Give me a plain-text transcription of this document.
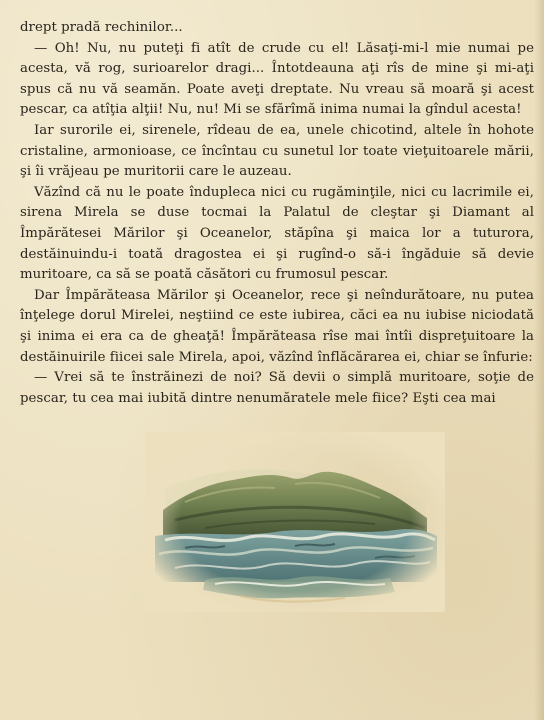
drept pradă rechinilor...

— Oh! Nu, nu puteţi fi atît de crude cu el! Lăsaţi-mi-l mie numai pe acesta, vă rog, surioarelor dragi... Întotdeauna aţi rîs de mine şi mi-aţi spus că nu vă seamăn. Poate aveţi dreptate. Nu vreau să moară şi acest pescar, ca atîţia alţii! Nu, nu! Mi se sfărîmă inima numai la gîndul acesta!

Iar surorile ei, sirenele, rîdeau de ea, unele chicotind, altele în hohote cristaline, armonioase, ce încîntau cu sunetul lor toate vieţuitoarele mării, şi îi vrăjeau pe muritorii care le auzeau.

Văzînd că nu le poate îndupleca nici cu rugăminţile, nici cu lacrimile ei, sirena Mirela se duse tocmai la Palatul de cleştar şi Diamant al Împărătesei Mărilor şi Oceanelor, stăpîna şi maica lor a tuturora, destăinuindu-i toată dragostea ei şi rugînd-o să-i îngăduie să devie muritoare, ca să se poată căsători cu frumosul pescar.

Dar Împărăteasa Mărilor şi Oceanelor, rece şi neîndurătoare, nu putea înţelege dorul Mirelei, neştiind ce este iubirea, căci ea nu iubise niciodată şi inima ei era ca de gheaţă! Împărăteasa rîse mai întîi dispreţuitoare la destăinuirile fiicei sale Mirela, apoi, văzînd înflăcărarea ei, chiar se înfurie:

— Vrei să te înstrăinezi de noi? Să devii o simplă muritoare, soţie de pescar, tu cea mai iubită dintre nenumăratele mele fiice? Eşti cea mai
